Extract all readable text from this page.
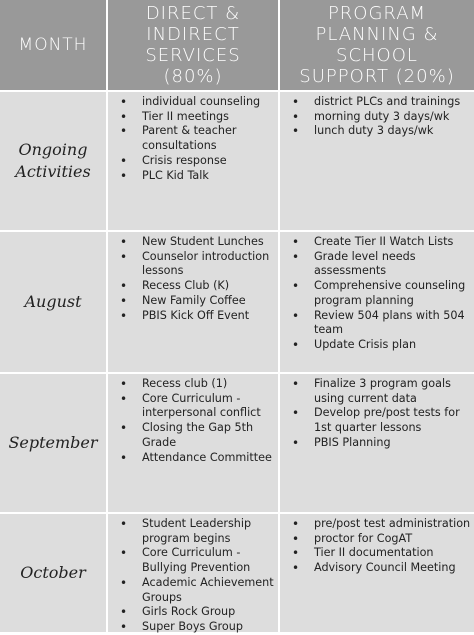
MONTH
DIRECT &
INDIRECT
SERVICES
(80%)
PROGRAM
PLANNING &
SCHOOL
SUPPORT (20%)
Ongoing
Activities
• individual counseling
• Tier II meetings
• Parent & teacher consultations
• Crisis response
• PLC Kid Talk
• district PLCs and trainings
• morning duty 3 days/wk
• lunch duty 3 days/wk
August
• New Student Lunches
• Counselor introduction lessons
• Recess Club (K)
• New Family Coffee
• PBIS Kick Off Event
• Create Tier II Watch Lists
• Grade level needs assessments
• Comprehensive counseling program planning
• Review 504 plans with 504 team
• Update Crisis plan
September
• Recess club (1)
• Core Curriculum - interpersonal conflict
• Closing the Gap 5th Grade
• Attendance Committee
• Finalize 3 program goals using current data
• Develop pre/post tests for 1st quarter lessons
• PBIS Planning
October
• Student Leadership program begins
• Core Curriculum - Bullying Prevention
• Academic Achievement Groups
• Girls Rock Group
• Super Boys Group
• pre/post test administration
• proctor for CogAT
• Tier II documentation
• Advisory Council Meeting
